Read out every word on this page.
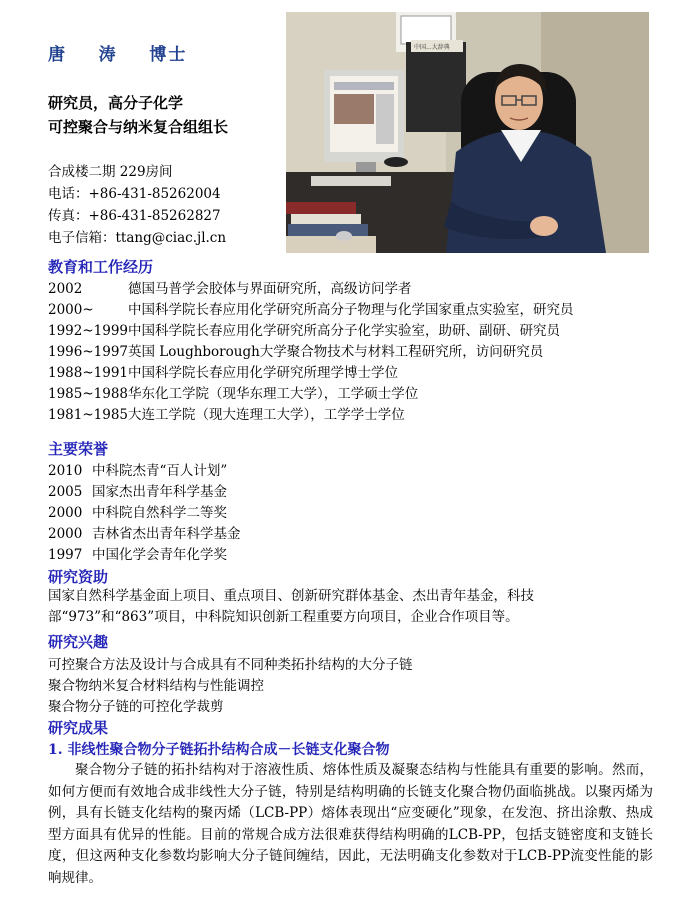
唐    涛    博士
研究员，高分子化学
可控聚合与纳米复合组组长
合成楼二期 229房间
电话：+86-431-85262004
传真：+86-431-85262827
电子信箱：ttang@ciac.jl.cn
中国...大辞典
教育和工作经历
2002	德国马普学会胶体与界面研究所，高级访问学者
2000~	中国科学院长春应用化学研究所高分子物理与化学国家重点实验室，研究员
1992~1999中国科学院长春应用化学研究所高分子化学实验室，助研、副研、研究员
1996~1997英国 Loughborough大学聚合物技术与材料工程研究所，访问研究员
1988~1991中国科学院长春应用化学研究所理学博士学位
1985~1988华东化工学院（现华东理工大学），工学硕士学位
1981~1985大连工学院（现大连理工大学），工学学士学位
主要荣誉
2010 中科院杰青“百人计划”
2005 国家杰出青年科学基金
2000 中科院自然科学二等奖
2000 吉林省杰出青年科学基金
1997 中国化学会青年化学奖
研究资助
国家自然科学基金面上项目、重点项目、创新研究群体基金、杰出青年基金，科技部“973”和“863”项目，中科院知识创新工程重要方向项目，企业合作项目等。
研究兴趣
可控聚合方法及设计与合成具有不同种类拓扑结构的大分子链
聚合物纳米复合材料结构与性能调控
聚合物分子链的可控化学裁剪
研究成果
1. 非线性聚合物分子链拓扑结构合成－长链支化聚合物
聚合物分子链的拓扑结构对于溶液性质、熔体性质及凝聚态结构与性能具有重要的影响。然而，如何方便而有效地合成非线性大分子链，特别是结构明确的长链支化聚合物仍面临挑战。以聚丙烯为例，具有长链支化结构的聚丙烯（LCB-PP）熔体表现出“应变硬化”现象，在发泡、挤出涂敷、热成型方面具有优异的性能。目前的常规合成方法很难获得结构明确的LCB-PP，包括支链密度和支链长度，但这两种支化参数均影响大分子链间缠结，因此，无法明确支化参数对于LCB-PP流变性能的影响规律。
